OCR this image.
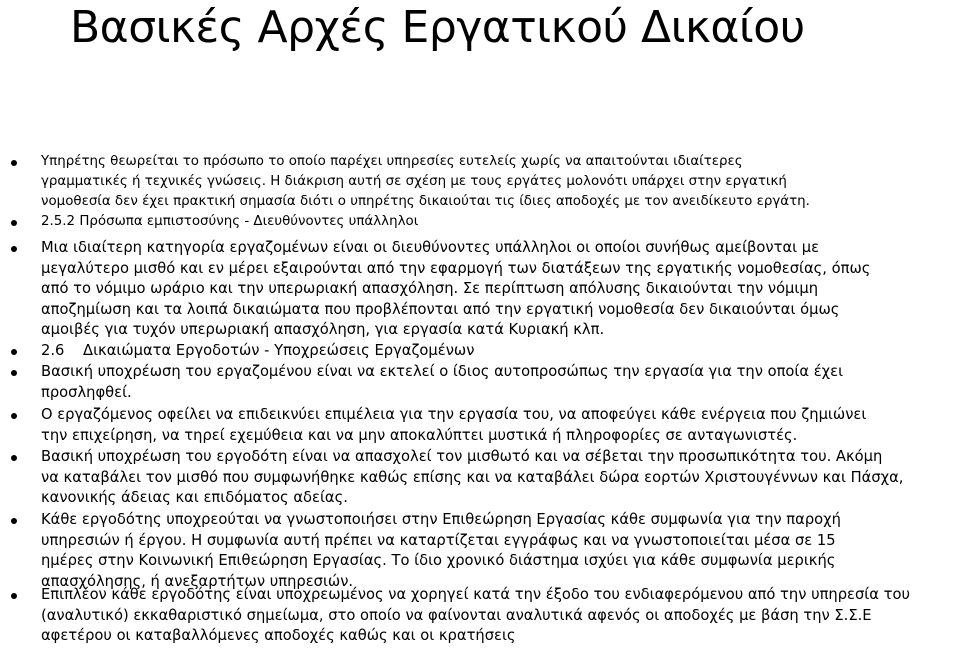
Βασικές Αρχές Εργατικού Δικαίου
Υπηρέτης θεωρείται το πρόσωπο το οποίο παρέχει υπηρεσίες ευτελείς χωρίς να απαιτούνται ιδιαίτερες
γραμματικές ή τεχνικές γνώσεις. Η διάκριση αυτή σε σχέση με τους εργάτες μολονότι υπάρχει στην εργατική
νομοθεσία δεν έχει πρακτική σημασία διότι ο υπηρέτης δικαιούται τις ίδιες αποδοχές με τον ανειδίκευτο εργάτη.
2.5.2 Πρόσωπα εμπιστοσύνης - Διευθύνοντες υπάλληλοι
Μια ιδιαίτερη κατηγορία εργαζομένων είναι οι διευθύνοντες υπάλληλοι οι οποίοι συνήθως αμείβονται με
μεγαλύτερο μισθό και εν μέρει εξαιρούνται από την εφαρμογή των διατάξεων της εργατικής νομοθεσίας, όπως
από το νόμιμο ωράριο και την υπερωριακή απασχόληση. Σε περίπτωση απόλυσης δικαιούνται την νόμιμη
αποζημίωση και τα λοιπά δικαιώματα που προβλέπονται από την εργατική νομοθεσία δεν δικαιούνται όμως
αμοιβές για τυχόν υπερωριακή απασχόληση, για εργασία κατά Κυριακή κλπ.
2.6    Δικαιώματα Εργοδοτών - Υποχρεώσεις Εργαζομένων
Βασική υποχρέωση του εργαζομένου είναι να εκτελεί ο ίδιος αυτοπροσώπως την εργασία για την οποία έχει
προσληφθεί.
Ο εργαζόμενος οφείλει να επιδεικνύει επιμέλεια για την εργασία του, να αποφεύγει κάθε ενέργεια που ζημιώνει
την επιχείρηση, να τηρεί εχεμύθεια και να μην αποκαλύπτει μυστικά ή πληροφορίες σε ανταγωνιστές.
Βασική υποχρέωση του εργοδότη είναι να απασχολεί τον μισθωτό και να σέβεται την προσωπικότητα του. Ακόμη
να καταβάλει τον μισθό που συμφωνήθηκε καθώς επίσης και να καταβάλει δώρα εορτών Χριστουγέννων και Πάσχα,
κανονικής άδειας και επιδόματος αδείας.
Κάθε εργοδότης υποχρεούται να γνωστοποιήσει στην Επιθεώρηση Εργασίας κάθε συμφωνία για την παροχή
υπηρεσιών ή έργου. Η συμφωνία αυτή πρέπει να καταρτίζεται εγγράφως και να γνωστοποιείται μέσα σε 15
ημέρες στην Κοινωνική Επιθεώρηση Εργασίας. Το ίδιο χρονικό διάστημα ισχύει για κάθε συμφωνία μερικής
απασχόλησης, ή ανεξαρτήτων υπηρεσιών.
Επιπλέον κάθε εργοδότης είναι υποχρεωμένος να χορηγεί κατά την έξοδο του ενδιαφερόμενου από την υπηρεσία του
(αναλυτικό) εκκαθαριστικό σημείωμα, στο οποίο να φαίνονται αναλυτικά αφενός οι αποδοχές με βάση την Σ.Σ.Ε
αφετέρου οι καταβαλλόμενες αποδοχές καθώς και οι κρατήσεις
